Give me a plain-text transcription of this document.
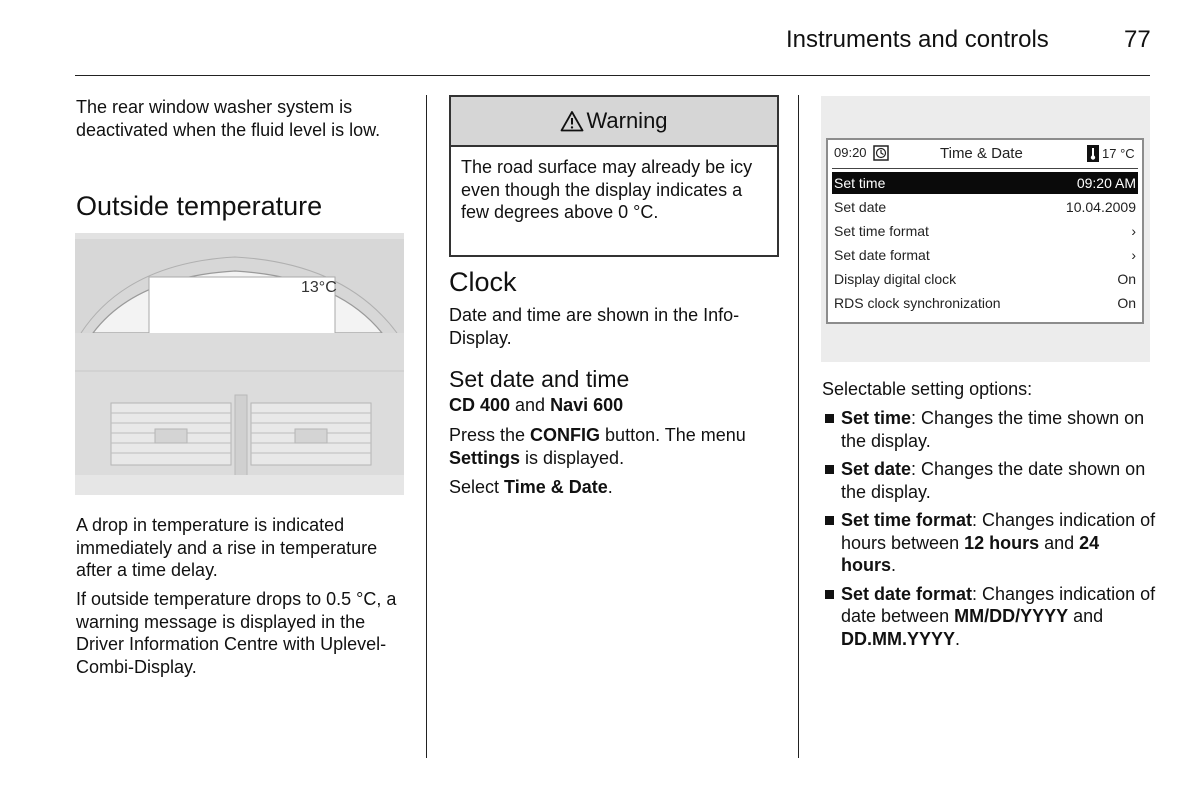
Instruments and controls	77

The rear window washer system is deactivated when the fluid level is low.

Outside temperature
13°C

A drop in temperature is indicated immediately and a rise in temperature after a time delay.

If outside temperature drops to 0.5 °C, a warning message is displayed in the Driver Information Centre with Uplevel-Combi-Display.

Warning

The road surface may already be icy even though the display indicates a few degrees above 0 °C.

Clock

Date and time are shown in the Info-Display.

Set date and time

CD 400 and Navi 600

Press the CONFIG button. The menu Settings is displayed.

Select Time & Date.

09:20	Time & Date	17 °C
Set time	09:20 AM
Set date	10.04.2009
Set time format	›
Set date format	›
Display digital clock	On
RDS clock synchronization	On

Selectable setting options:

Set time: Changes the time shown on the display.
Set date: Changes the date shown on the display.
Set time format: Changes indication of hours between 12 hours and 24 hours.
Set date format: Changes indication of date between MM/DD/YYYY and DD.MM.YYYY.
